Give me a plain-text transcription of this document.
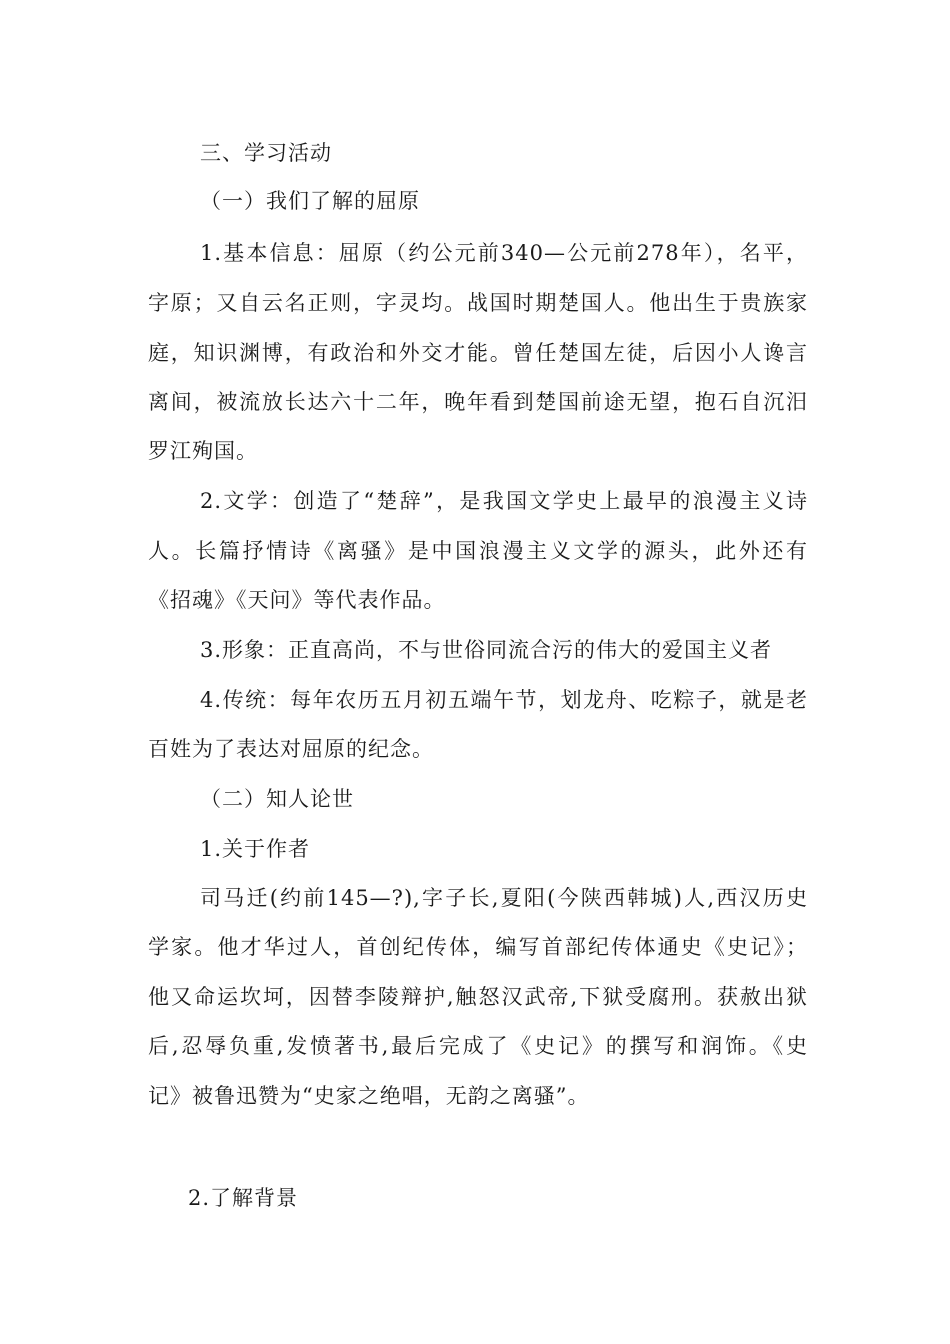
三、学习活动
（一）我们了解的屈原
1.基本信息：屈原（约公元前340—公元前278年），名平，
字原；又自云名正则，字灵均。战国时期楚国人。他出生于贵族家
庭，知识渊博，有政治和外交才能。曾任楚国左徒，后因小人谗言
离间，被流放长达六十二年，晚年看到楚国前途无望，抱石自沉汨
罗江殉国。
2.文学：创造了“楚辞”，是我国文学史上最早的浪漫主义诗
人。长篇抒情诗《离骚》是中国浪漫主义文学的源头，此外还有
《招魂》《天问》等代表作品。
3.形象：正直高尚，不与世俗同流合污的伟大的爱国主义者
4.传统：每年农历五月初五端午节，划龙舟、吃粽子，就是老
百姓为了表达对屈原的纪念。
（二）知人论世
1.关于作者
司马迁(约前145—?),字子长,夏阳(今陕西韩城)人,西汉历史
学家。他才华过人，首创纪传体，编写首部纪传体通史《史记》；
他又命运坎坷，因替李陵辩护,触怒汉武帝,下狱受腐刑。获赦出狱
后,忍辱负重,发愤著书,最后完成了《史记》的撰写和润饰。《史
记》被鲁迅赞为“史家之绝唱，无韵之离骚”。
2.了解背景
